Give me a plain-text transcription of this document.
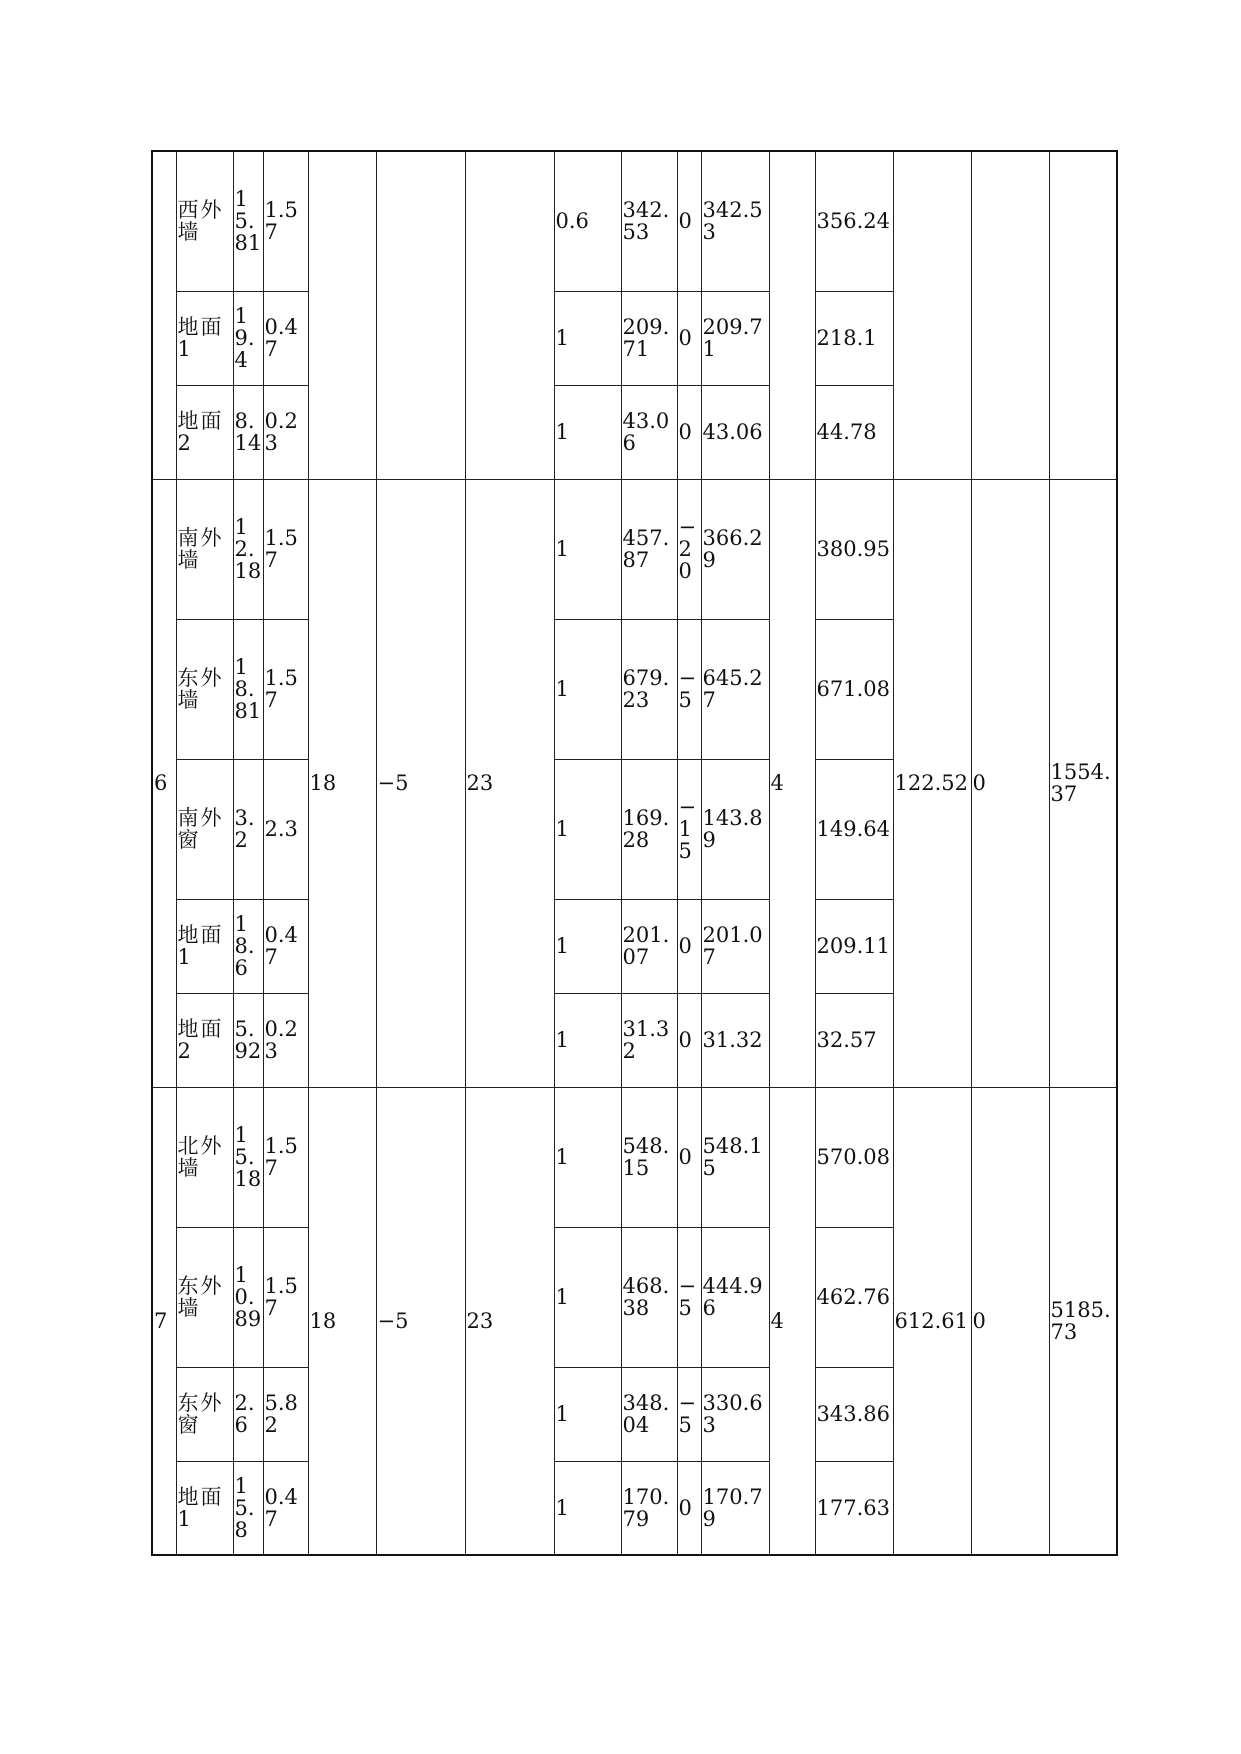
	西外墙	15.81	1.57				0.6	342.53	0	342.53		356.24			
	地面1	19.4	0.47				1	209.71	0	209.71		218.1			
	地面2	8.14	0.23				1	43.06	0	43.06		44.78			
6	南外墙	12.18	1.57	18	−5	23	1	457.87	−20	366.29	4	380.95	122.52	0	1554.37
	东外墙	18.81	1.57				1	679.23	−5	645.27		671.08			
	南外窗	3.2	2.3				1	169.28	−15	143.89		149.64			
	地面1	18.6	0.47				1	201.07	0	201.07		209.11			
	地面2	5.92	0.23				1	31.32	0	31.32		32.57			
7	北外墙	15.18	1.57	18	−5	23	1	548.15	0	548.15	4	570.08	612.61	0	5185.73
	东外墙	10.89	1.57				1	468.38	−5	444.96		462.76			
	东外窗	2.6	5.82				1	348.04	−5	330.63		343.86			
	地面1	15.8	0.47				1	170.79	0	170.79		177.63			
